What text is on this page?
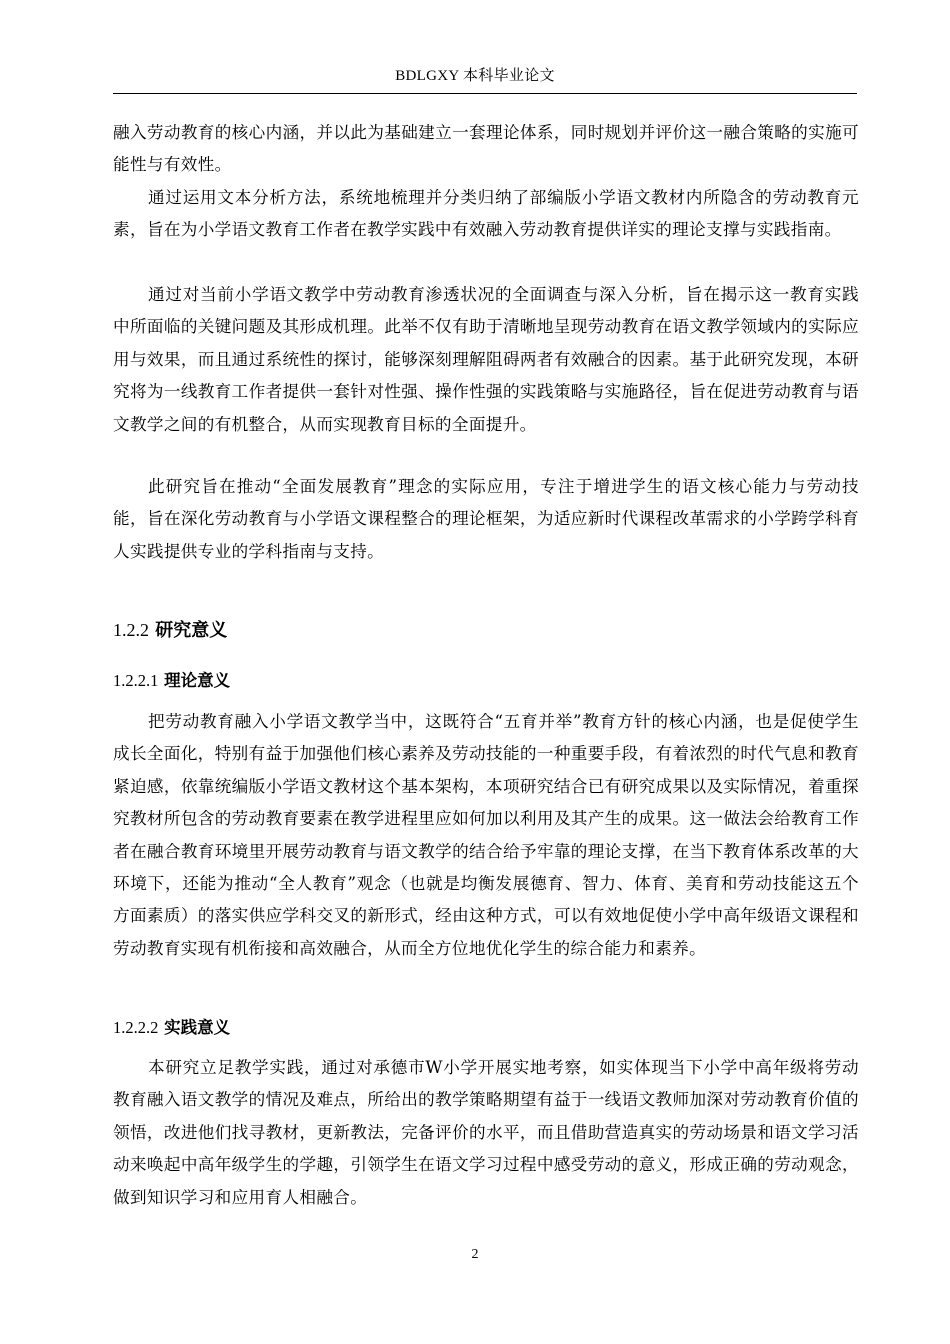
BDLGXY 本科毕业论文

融入劳动教育的核心内涵，并以此为基础建立一套理论体系，同时规划并评价这一融合策略的实施可能性与有效性。

通过运用文本分析方法，系统地梳理并分类归纳了部编版小学语文教材内所隐含的劳动教育元素，旨在为小学语文教育工作者在教学实践中有效融入劳动教育提供详实的理论支撑与实践指南。

通过对当前小学语文教学中劳动教育渗透状况的全面调查与深入分析，旨在揭示这一教育实践中所面临的关键问题及其形成机理。此举不仅有助于清晰地呈现劳动教育在语文教学领域内的实际应用与效果，而且通过系统性的探讨，能够深刻理解阻碍两者有效融合的因素。基于此研究发现，本研究将为一线教育工作者提供一套针对性强、操作性强的实践策略与实施路径，旨在促进劳动教育与语文教学之间的有机整合，从而实现教育目标的全面提升。

此研究旨在推动“全面发展教育”理念的实际应用，专注于增进学生的语文核心能力与劳动技能，旨在深化劳动教育与小学语文课程整合的理论框架，为适应新时代课程改革需求的小学跨学科育人实践提供专业的学科指南与支持。

1.2.2 研究意义
1.2.2.1 理论意义

把劳动教育融入小学语文教学当中，这既符合“五育并举”教育方针的核心内涵，也是促使学生成长全面化，特别有益于加强他们核心素养及劳动技能的一种重要手段，有着浓烈的时代气息和教育紧迫感，依靠统编版小学语文教材这个基本架构，本项研究结合已有研究成果以及实际情况，着重探究教材所包含的劳动教育要素在教学进程里应如何加以利用及其产生的成果。这一做法会给教育工作者在融合教育环境里开展劳动教育与语文教学的结合给予牢靠的理论支撑，在当下教育体系改革的大环境下，还能为推动“全人教育”观念（也就是均衡发展德育、智力、体育、美育和劳动技能这五个方面素质）的落实供应学科交叉的新形式，经由这种方式，可以有效地促使小学中高年级语文课程和劳动教育实现有机衔接和高效融合，从而全方位地优化学生的综合能力和素养。

1.2.2.2 实践意义

本研究立足教学实践，通过对承德市W小学开展实地考察，如实体现当下小学中高年级将劳动教育融入语文教学的情况及难点，所给出的教学策略期望有益于一线语文教师加深对劳动教育价值的领悟，改进他们找寻教材，更新教法，完备评价的水平，而且借助营造真实的劳动场景和语文学习活动来唤起中高年级学生的学趣，引领学生在语文学习过程中感受劳动的意义，形成正确的劳动观念，做到知识学习和应用育人相融合。

2
